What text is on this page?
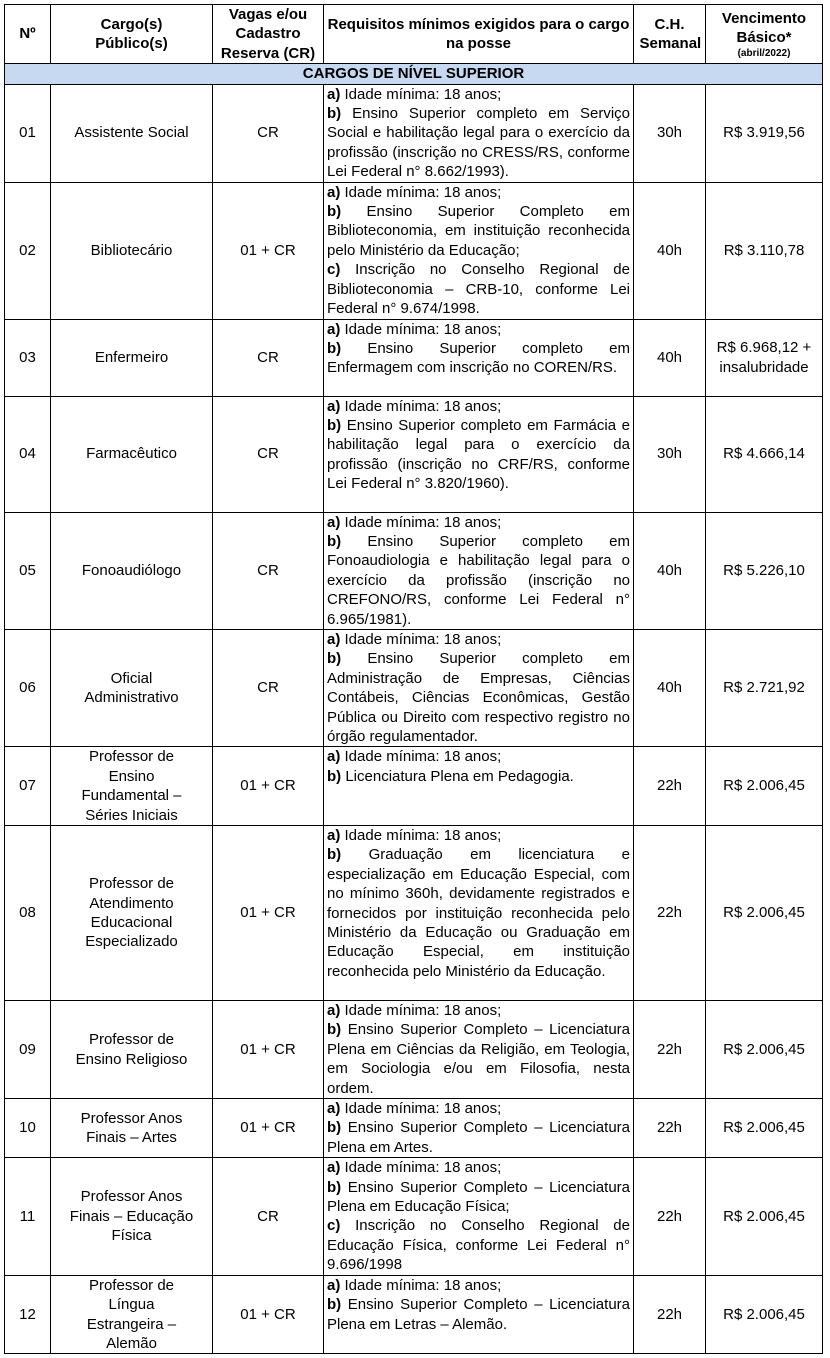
Nº	Cargo(s) Público(s)	Vagas e/ou Cadastro Reserva (CR)	Requisitos mínimos exigidos para o cargo na posse	C.H. Semanal	Vencimento Básico*
(abril/2022)

CARGOS DE NÍVEL SUPERIOR					
01	Assistente Social	CR	a) Idade mínima: 18 anos;
b) Ensino Superior completo em Serviço Social e habilitação legal para o exercício da profissão (inscrição no CRESS/RS, conforme Lei Federal n° 8.662/1993).	30h	R$ 3.919,56

02	Bibliotecário	01 + CR	a) Idade mínima: 18 anos;
b) Ensino Superior Completo em Biblioteconomia, em instituição reconhecida pelo Ministério da Educação;
c) Inscrição no Conselho Regional de Biblioteconomia – CRB-10, conforme Lei Federal n° 9.674/1998.	40h	R$ 3.110,78

03	Enfermeiro	CR	a) Idade mínima: 18 anos;
b) Ensino Superior completo em Enfermagem com inscrição no COREN/RS.	40h	R$ 6.968,12 + insalubridade

04	Farmacêutico	CR	a) Idade mínima: 18 anos;
b) Ensino Superior completo em Farmácia e habilitação legal para o exercício da profissão (inscrição no CRF/RS, conforme Lei Federal n° 3.820/1960).	30h	R$ 4.666,14

05	Fonoaudiólogo	CR	a) Idade mínima: 18 anos;
b) Ensino Superior completo em Fonoaudiologia e habilitação legal para o exercício da profissão (inscrição no CREFONO/RS, conforme Lei Federal n° 6.965/1981).	40h	R$ 5.226,10

06	Oficial Administrativo	CR	a) Idade mínima: 18 anos;
b) Ensino Superior completo em Administração de Empresas, Ciências Contábeis, Ciências Econômicas, Gestão Pública ou Direito com respectivo registro no órgão regulamentador.	40h	R$ 2.721,92

07	Professor de Ensino Fundamental – Séries Iniciais	01 + CR	a) Idade mínima: 18 anos;
b) Licenciatura Plena em Pedagogia.	22h	R$ 2.006,45

08	Professor de Atendimento Educacional Especializado	01 + CR	a) Idade mínima: 18 anos;
b) Graduação em licenciatura e especialização em Educação Especial, com no mínimo 360h, devidamente registrados e fornecidos por instituição reconhecida pelo Ministério da Educação ou Graduação em Educação Especial, em instituição reconhecida pelo Ministério da Educação.	22h	R$ 2.006,45

09	Professor de Ensino Religioso	01 + CR	a) Idade mínima: 18 anos;
b) Ensino Superior Completo – Licenciatura Plena em Ciências da Religião, em Teologia, em Sociologia e/ou em Filosofia, nesta ordem.	22h	R$ 2.006,45

10	Professor Anos Finais – Artes	01 + CR	a) Idade mínima: 18 anos;
b) Ensino Superior Completo – Licenciatura Plena em Artes.	22h	R$ 2.006,45

11	Professor Anos Finais – Educação Física	CR	a) Idade mínima: 18 anos;
b) Ensino Superior Completo – Licenciatura Plena em Educação Física;
c) Inscrição no Conselho Regional de Educação Física, conforme Lei Federal n° 9.696/1998	22h	R$ 2.006,45

12	Professor de Língua Estrangeira – Alemão	01 + CR	a) Idade mínima: 18 anos;
b) Ensino Superior Completo – Licenciatura Plena em Letras – Alemão.	22h	R$ 2.006,45
